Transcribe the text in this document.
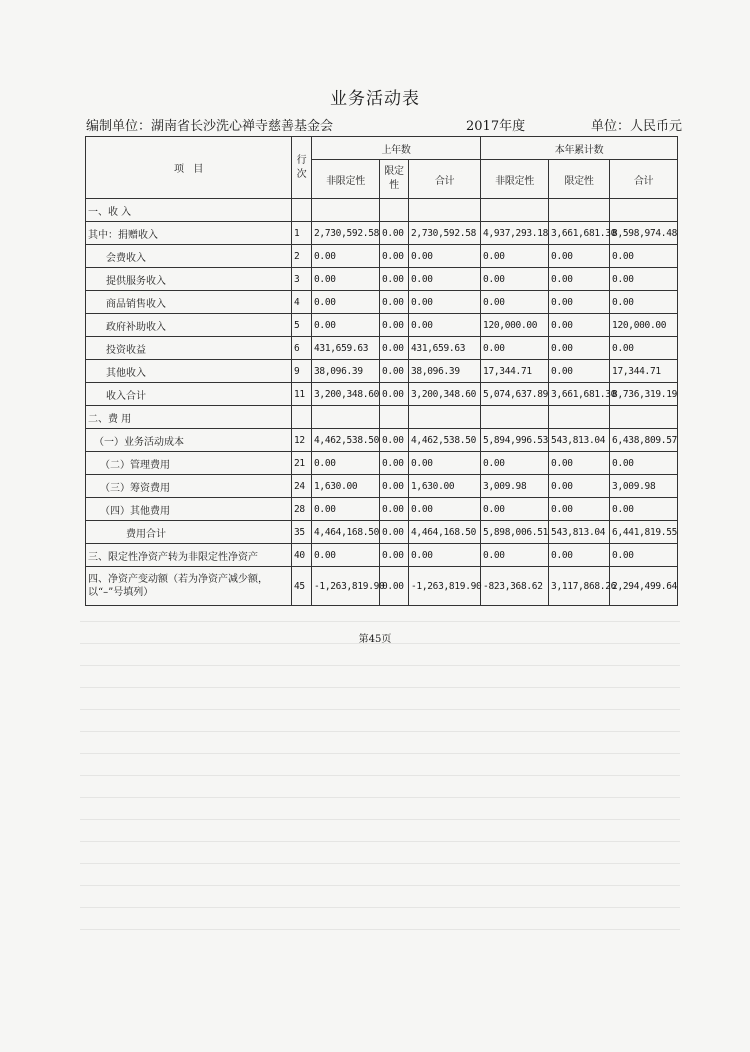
业务活动表
编制单位：湖南省长沙洗心禅寺慈善基金会	2017年度	单位：人民币元
项　目	行次	上年数			本年累计数		
		非限定性	限定性	合计	非限定性	限定性	合计
一、收 入							
其中：捐赠收入	1	2,730,592.58	0.00	2,730,592.58	4,937,293.18	3,661,681.30	8,598,974.48
会费收入	2	0.00	0.00	0.00	0.00	0.00	0.00
提供服务收入	3	0.00	0.00	0.00	0.00	0.00	0.00
商品销售收入	4	0.00	0.00	0.00	0.00	0.00	0.00
政府补助收入	5	0.00	0.00	0.00	120,000.00	0.00	120,000.00
投资收益	6	431,659.63	0.00	431,659.63	0.00	0.00	0.00
其他收入	9	38,096.39	0.00	38,096.39	17,344.71	0.00	17,344.71
收入合计	11	3,200,348.60	0.00	3,200,348.60	5,074,637.89	3,661,681.30	8,736,319.19
二、费 用							
（一）业务活动成本	12	4,462,538.50	0.00	4,462,538.50	5,894,996.53	543,813.04	6,438,809.57
（二）管理费用	21	0.00	0.00	0.00	0.00	0.00	0.00
（三）筹资费用	24	1,630.00	0.00	1,630.00	3,009.98	0.00	3,009.98
（四）其他费用	28	0.00	0.00	0.00	0.00	0.00	0.00
费用合计	35	4,464,168.50	0.00	4,464,168.50	5,898,006.51	543,813.04	6,441,819.55
三、限定性净资产转为非限定性净资产	40	0.00	0.00	0.00	0.00	0.00	0.00
四、净资产变动额（若为净资产减少额，以“–”号填列）	45	-1,263,819.90	0.00	-1,263,819.90	-823,368.62	3,117,868.26	2,294,499.64
第45页
